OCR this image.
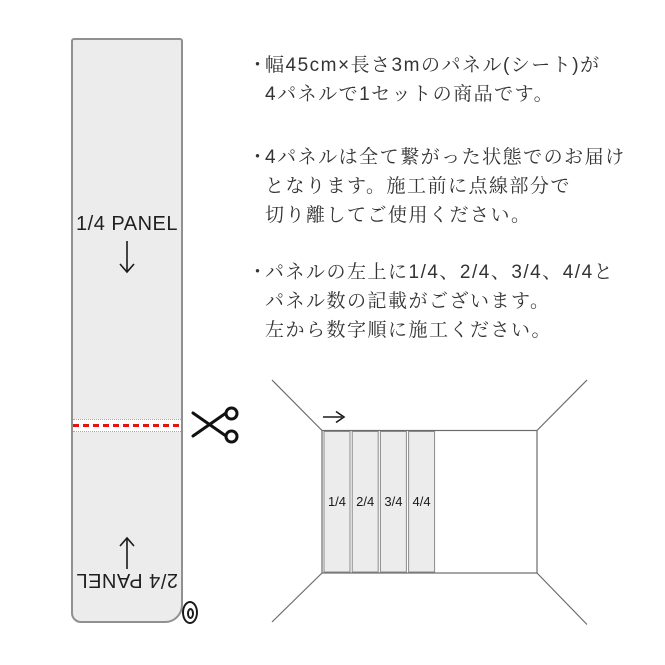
1/4 PANEL
2/4 PANEL
・
幅45cm×長さ3mのパネル(シート)が
4パネルで1セットの商品です。
・
4パネルは全て繋がった状態でのお届け
となります。施工前に点線部分で
切り離してご使用ください。
・
パネルの左上に1/4、2/4、3/4、4/4と
パネル数の記載がございます。
左から数字順に施工ください。
1/4 2/4 3/4 4/4
